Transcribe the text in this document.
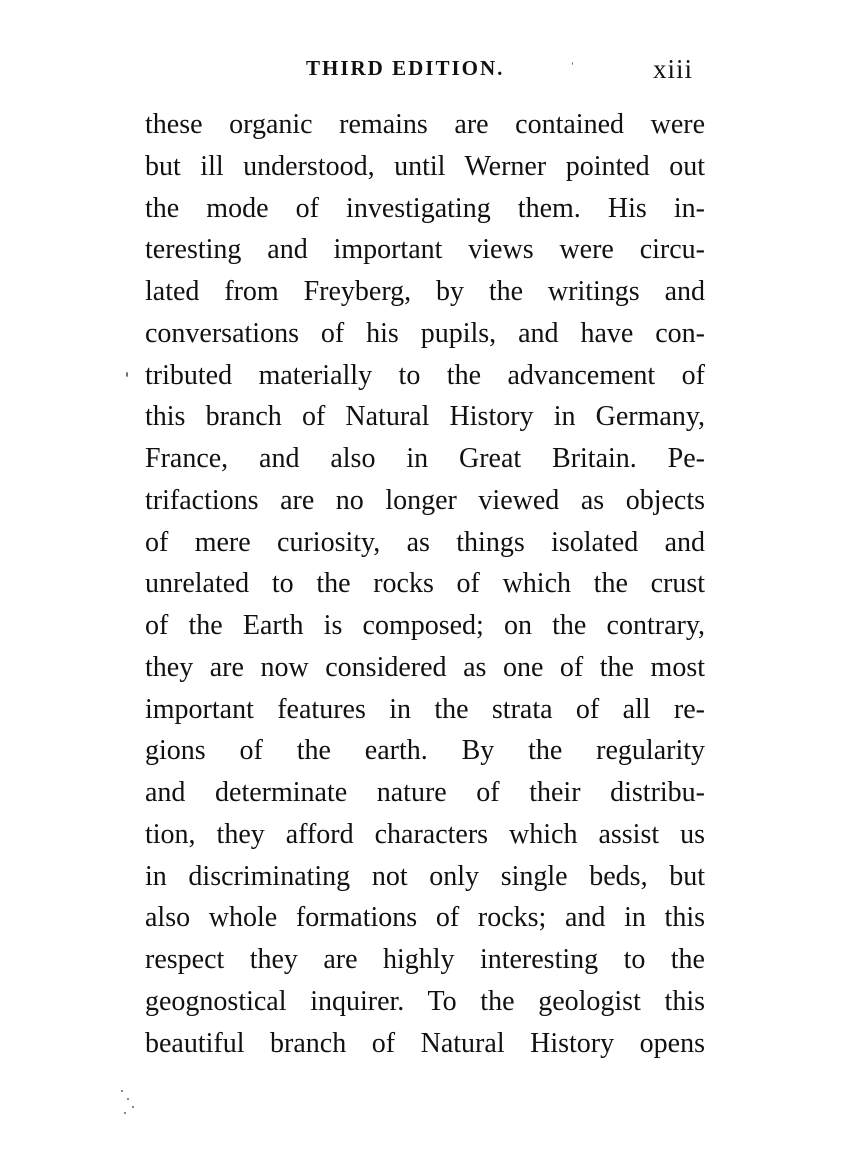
THIRD EDITION.	xiii
these organic remains are contained were
but ill understood, until Werner pointed out
the mode of investigating them. His in-
teresting and important views were circu-
lated from Freyberg, by the writings and
conversations of his pupils, and have con-
tributed materially to the advancement of
this branch of Natural History in Germany,
France, and also in Great Britain. Pe-
trifactions are no longer viewed as objects
of mere curiosity, as things isolated and
unrelated to the rocks of which the crust
of the Earth is composed; on the contrary,
they are now considered as one of the most
important features in the strata of all re-
gions of the earth. By the regularity
and determinate nature of their distribu-
tion, they afford characters which assist us
in discriminating not only single beds, but
also whole formations of rocks; and in this
respect they are highly interesting to the
geognostical inquirer. To the geologist this
beautiful branch of Natural History opens
